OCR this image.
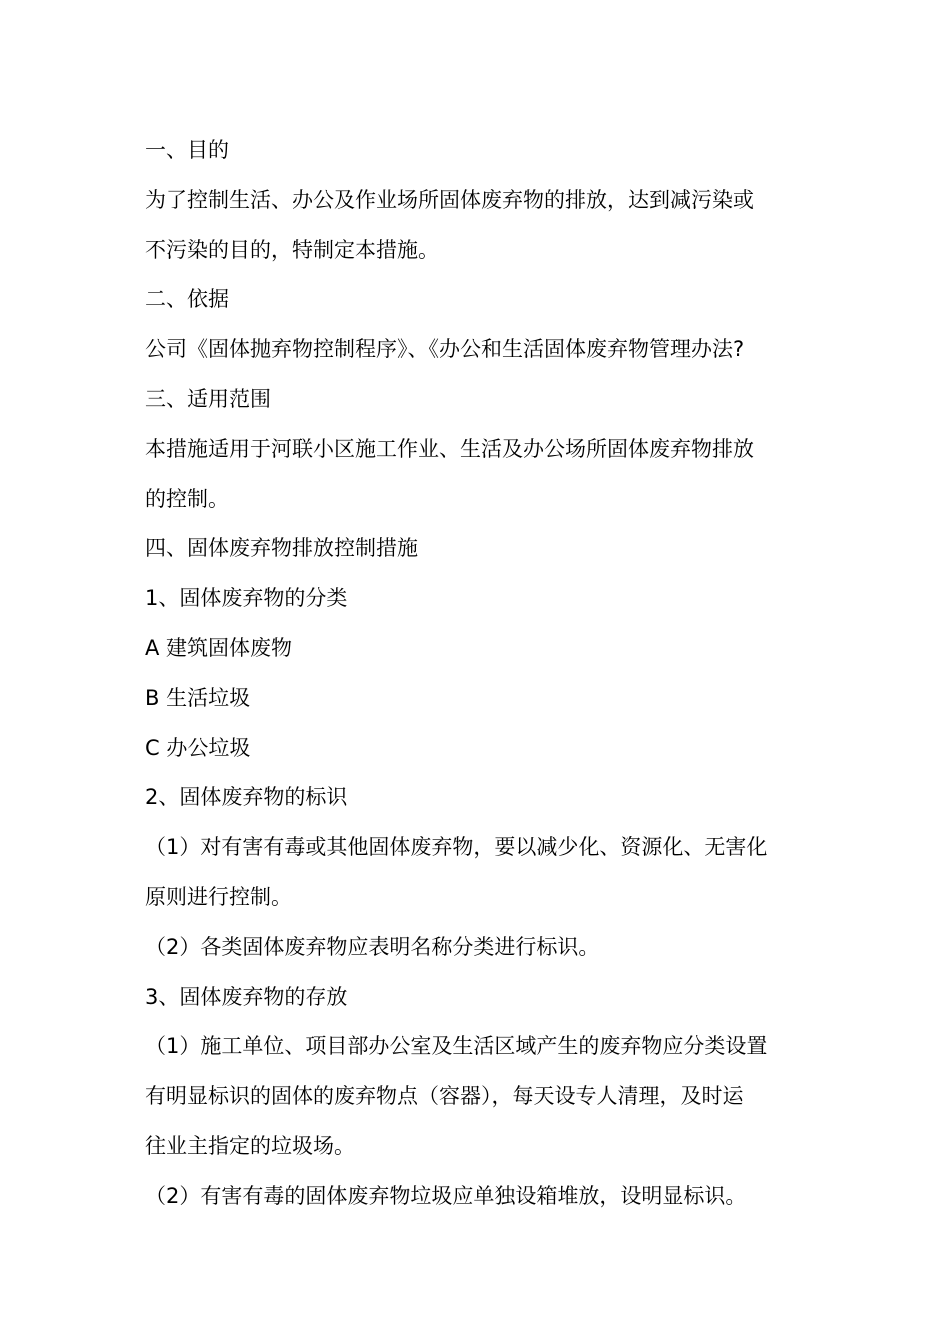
一、目的

为了控制生活、办公及作业场所固体废弃物的排放，达到减污染或

不污染的目的，特制定本措施。

二、依据

公司《固体抛弃物控制程序》、《办公和生活固体废弃物管理办法?

三、适用范围

本措施适用于河联小区施工作业、生活及办公场所固体废弃物排放

的控制。

四、固体废弃物排放控制措施

1、固体废弃物的分类

A 建筑固体废物

B 生活垃圾

C 办公垃圾

2、固体废弃物的标识

（1）对有害有毒或其他固体废弃物，要以减少化、资源化、无害化

原则进行控制。

（2）各类固体废弃物应表明名称分类进行标识。

3、固体废弃物的存放

（1）施工单位、项目部办公室及生活区域产生的废弃物应分类设置

有明显标识的固体的废弃物点（容器），每天设专人清理，及时运

往业主指定的垃圾场。

（2）有害有毒的固体废弃物垃圾应单独设箱堆放，设明显标识。
